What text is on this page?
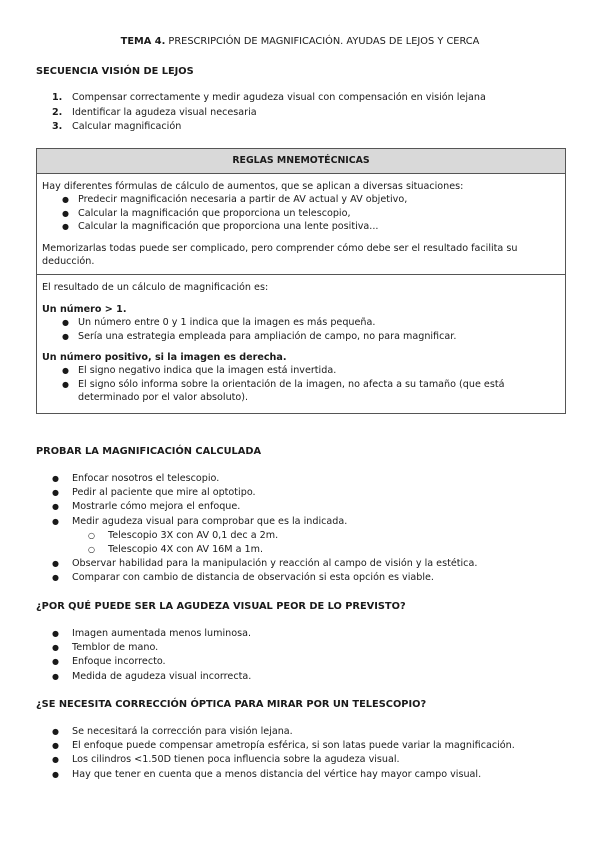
TEMA 4. PRESCRIPCIÓN DE MAGNIFICACIÓN. AYUDAS DE LEJOS Y CERCA
SECUENCIA VISIÓN DE LEJOS
1. Compensar correctamente y medir agudeza visual con compensación en visión lejana
2. Identificar la agudeza visual necesaria
3. Calcular magnificación
REGLAS MNEMOTÉCNICAS

Hay diferentes fórmulas de cálculo de aumentos, que se aplican a diversas situaciones:

● Predecir magnificación necesaria a partir de AV actual y AV objetivo,
● Calcular la magnificación que proporciona un telescopio,
● Calcular la magnificación que proporciona una lente positiva...

Memorizarlas todas puede ser complicado, pero comprender cómo debe ser el resultado facilita su deducción.

El resultado de un cálculo de magnificación es:

Un número > 1.

● Un número entre 0 y 1 indica que la imagen es más pequeña.
● Sería una estrategia empleada para ampliación de campo, no para magnificar.

Un número positivo, si la imagen es derecha.

● El signo negativo indica que la imagen está invertida.
● El signo sólo informa sobre la orientación de la imagen, no afecta a su tamaño (que está determinado por el valor absoluto).
PROBAR LA MAGNIFICACIÓN CALCULADA
● Enfocar nosotros el telescopio.
● Pedir al paciente que mire al optotipo.
● Mostrarle cómo mejora el enfoque.
● Medir agudeza visual para comprobar que es la indicada.
○ Telescopio 3X con AV 0,1 dec a 2m.
○ Telescopio 4X con AV 16M a 1m.
● Observar habilidad para la manipulación y reacción al campo de visión y la estética.
● Comparar con cambio de distancia de observación si esta opción es viable.
¿POR QUÉ PUEDE SER LA AGUDEZA VISUAL PEOR DE LO PREVISTO?
● Imagen aumentada menos luminosa.
● Temblor de mano.
● Enfoque incorrecto.
● Medida de agudeza visual incorrecta.
¿SE NECESITA CORRECCIÓN ÓPTICA PARA MIRAR POR UN TELESCOPIO?
● Se necesitará la corrección para visión lejana.
● El enfoque puede compensar ametropía esférica, si son latas puede variar la magnificación.
● Los cilindros <1.50D tienen poca influencia sobre la agudeza visual.
● Hay que tener en cuenta que a menos distancia del vértice hay mayor campo visual.
